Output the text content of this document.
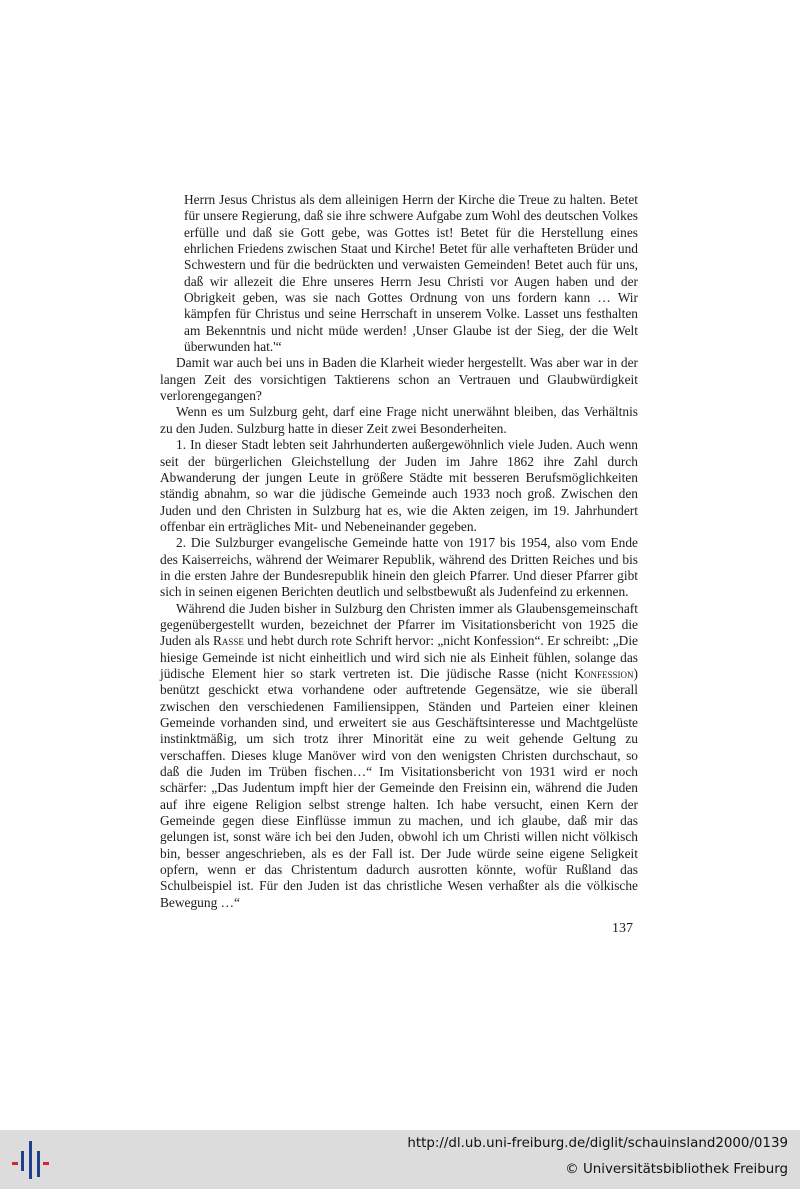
Herrn Jesus Christus als dem alleinigen Herrn der Kirche die Treue zu halten. Betet für unsere Regierung, daß sie ihre schwere Aufgabe zum Wohl des deutschen Volkes erfülle und daß sie Gott gebe, was Gottes ist! Betet für die Herstellung eines ehrlichen Friedens zwischen Staat und Kirche! Betet für alle verhafteten Brüder und Schwestern und für die bedrückten und verwaisten Gemeinden! Betet auch für uns, daß wir allezeit die Ehre unseres Herrn Jesu Christi vor Augen haben und der Obrigkeit geben, was sie nach Gottes Ordnung von uns fordern kann … Wir kämpfen für Christus und seine Herrschaft in unserem Volke. Lasset uns festhalten am Bekenntnis und nicht müde werden! ,Unser Glaube ist der Sieg, der die Welt überwunden hat.'“

Damit war auch bei uns in Baden die Klarheit wieder hergestellt. Was aber war in der langen Zeit des vorsichtigen Taktierens schon an Vertrauen und Glaubwürdigkeit verlorengegangen?

Wenn es um Sulzburg geht, darf eine Frage nicht unerwähnt bleiben, das Verhältnis zu den Juden. Sulzburg hatte in dieser Zeit zwei Besonderheiten.

1. In dieser Stadt lebten seit Jahrhunderten außergewöhnlich viele Juden. Auch wenn seit der bürgerlichen Gleichstellung der Juden im Jahre 1862 ihre Zahl durch Abwanderung der jungen Leute in größere Städte mit besseren Berufsmöglichkeiten ständig abnahm, so war die jüdische Gemeinde auch 1933 noch groß. Zwischen den Juden und den Christen in Sulzburg hat es, wie die Akten zeigen, im 19. Jahrhundert offenbar ein erträgliches Mit- und Nebeneinander gegeben.

2. Die Sulzburger evangelische Gemeinde hatte von 1917 bis 1954, also vom Ende des Kaiserreichs, während der Weimarer Republik, während des Dritten Reiches und bis in die ersten Jahre der Bundesrepublik hinein den gleich Pfarrer. Und dieser Pfarrer gibt sich in seinen eigenen Berichten deutlich und selbstbewußt als Judenfeind zu erkennen.

Während die Juden bisher in Sulzburg den Christen immer als Glaubensgemeinschaft gegenübergestellt wurden, bezeichnet der Pfarrer im Visitationsbericht von 1925 die Juden als Rasse und hebt durch rote Schrift hervor: „nicht Konfession“. Er schreibt: „Die hiesige Gemeinde ist nicht einheitlich und wird sich nie als Einheit fühlen, solange das jüdische Element hier so stark vertreten ist. Die jüdische Rasse (nicht Konfession) benützt geschickt etwa vorhandene oder auftretende Gegensätze, wie sie überall zwischen den verschiedenen Familiensippen, Ständen und Parteien einer kleinen Gemeinde vorhanden sind, und erweitert sie aus Geschäftsinteresse und Machtgelüste instinktmäßig, um sich trotz ihrer Minorität eine zu weit gehende Geltung zu verschaffen. Dieses kluge Manöver wird von den wenigsten Christen durchschaut, so daß die Juden im Trüben fischen…“ Im Visitationsbericht von 1931 wird er noch schärfer: „Das Judentum impft hier der Gemeinde den Freisinn ein, während die Juden auf ihre eigene Religion selbst strenge halten. Ich habe versucht, einen Kern der Gemeinde gegen diese Einflüsse immun zu machen, und ich glaube, daß mir das gelungen ist, sonst wäre ich bei den Juden, obwohl ich um Christi willen nicht völkisch bin, besser angeschrieben, als es der Fall ist. Der Jude würde seine eigene Seligkeit opfern, wenn er das Christentum dadurch ausrotten könnte, wofür Rußland das Schulbeispiel ist. Für den Juden ist das christliche Wesen verhaßter als die völkische Bewegung …“

137
http://dl.ub.uni-freiburg.de/diglit/schauinsland2000/0139
© Universitätsbibliothek Freiburg
